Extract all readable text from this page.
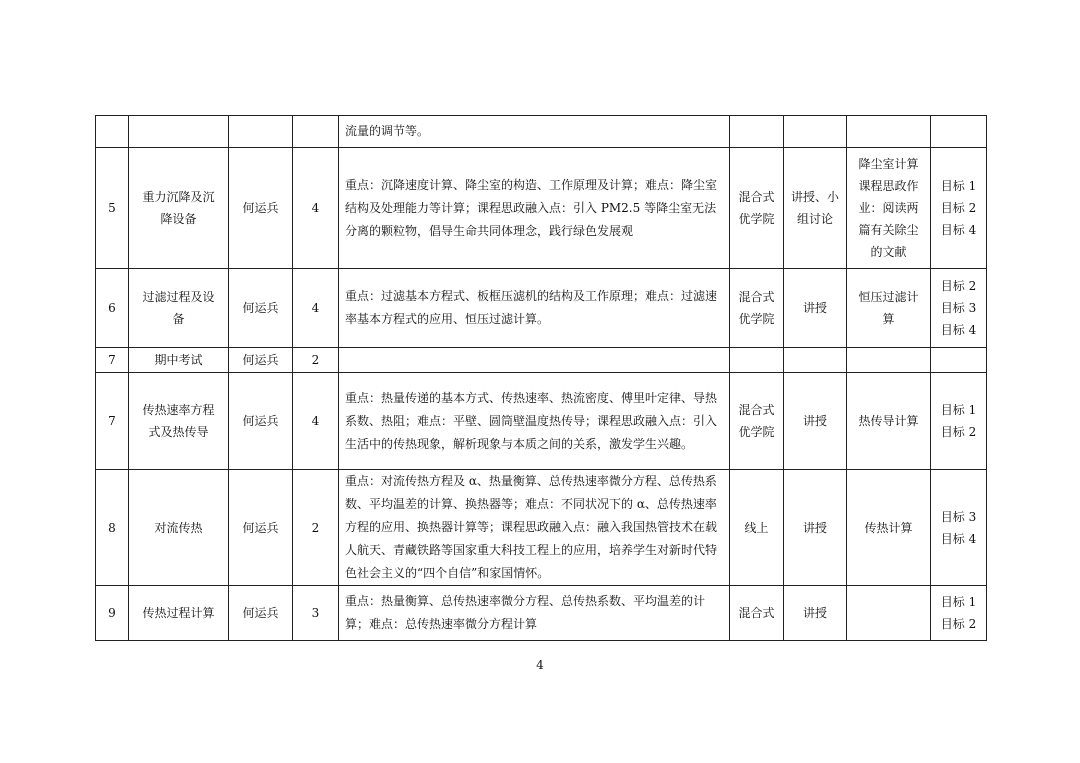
				流量的调节等。				
5	重力沉降及沉
降设备	何运兵	4	重点：沉降速度计算、降尘室的构造、工作原理及计算；难点：降尘室结构及处理能力等计算；课程思政融入点：引入 PM2.5 等降尘室无法分离的颗粒物，倡导生命共同体理念，践行绿色发展观	混合式
优学院	讲授、小
组讨论	降尘室计算
课程思政作
业：阅读两
篇有关除尘
的文献	目标 1
目标 2
目标 4
6	过滤过程及设
备	何运兵	4	重点：过滤基本方程式、板框压滤机的结构及工作原理；难点：过滤速率基本方程式的应用、恒压过滤计算。	混合式
优学院	讲授	恒压过滤计
算	目标 2
目标 3
目标 4
7	期中考试	何运兵	2					
7	传热速率方程
式及热传导	何运兵	4	重点：热量传递的基本方式、传热速率、热流密度、傅里叶定律、导热系数、热阻；难点：平壁、圆筒壁温度热传导；课程思政融入点：引入生活中的传热现象，解析现象与本质之间的关系，激发学生兴趣。	混合式
优学院	讲授	热传导计算	目标 1
目标 2
8	对流传热	何运兵	2	重点：对流传热方程及 α、热量衡算、总传热速率微分方程、总传热系数、平均温差的计算、换热器等；难点：不同状况下的 α、总传热速率方程的应用、换热器计算等；课程思政融入点：融入我国热管技术在载人航天、青藏铁路等国家重大科技工程上的应用，培养学生对新时代特色社会主义的“四个自信”和家国情怀。	线上	讲授	传热计算	目标 3
目标 4
9	传热过程计算	何运兵	3	重点：热量衡算、总传热速率微分方程、总传热系数、平均温差的计算；难点：总传热速率微分方程计算	混合式	讲授		目标 1
目标 2
4
